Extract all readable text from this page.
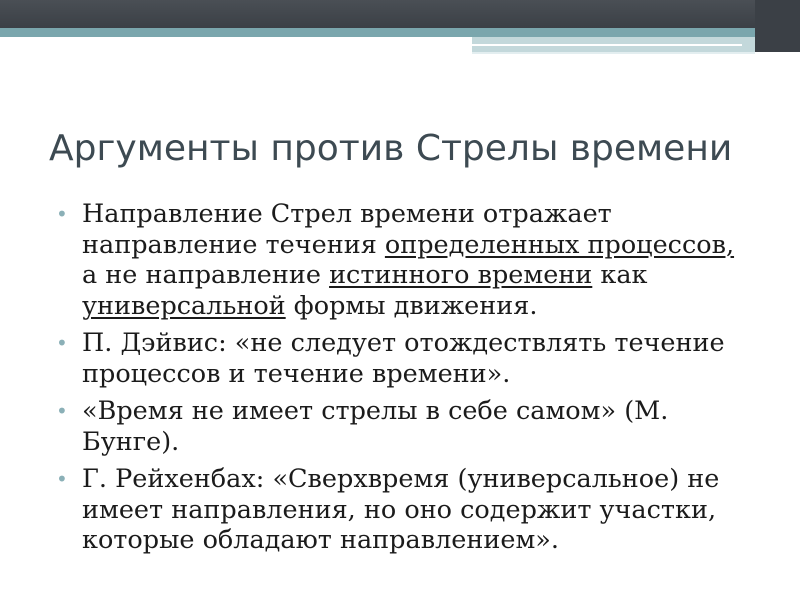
Аргументы против Стрелы времени
• Направление Стрел времени отражает направление течения определенных процессов, а не направление истинного времени как универсальной формы движения.
• П. Дэйвис: «не следует отождествлять течение процессов и течение времени».
• «Время не имеет стрелы в себе самом» (М. Бунге).
• Г. Рейхенбах: «Сверхвремя (универсальное) не имеет направления, но оно содержит участки, которые обладают направлением».
